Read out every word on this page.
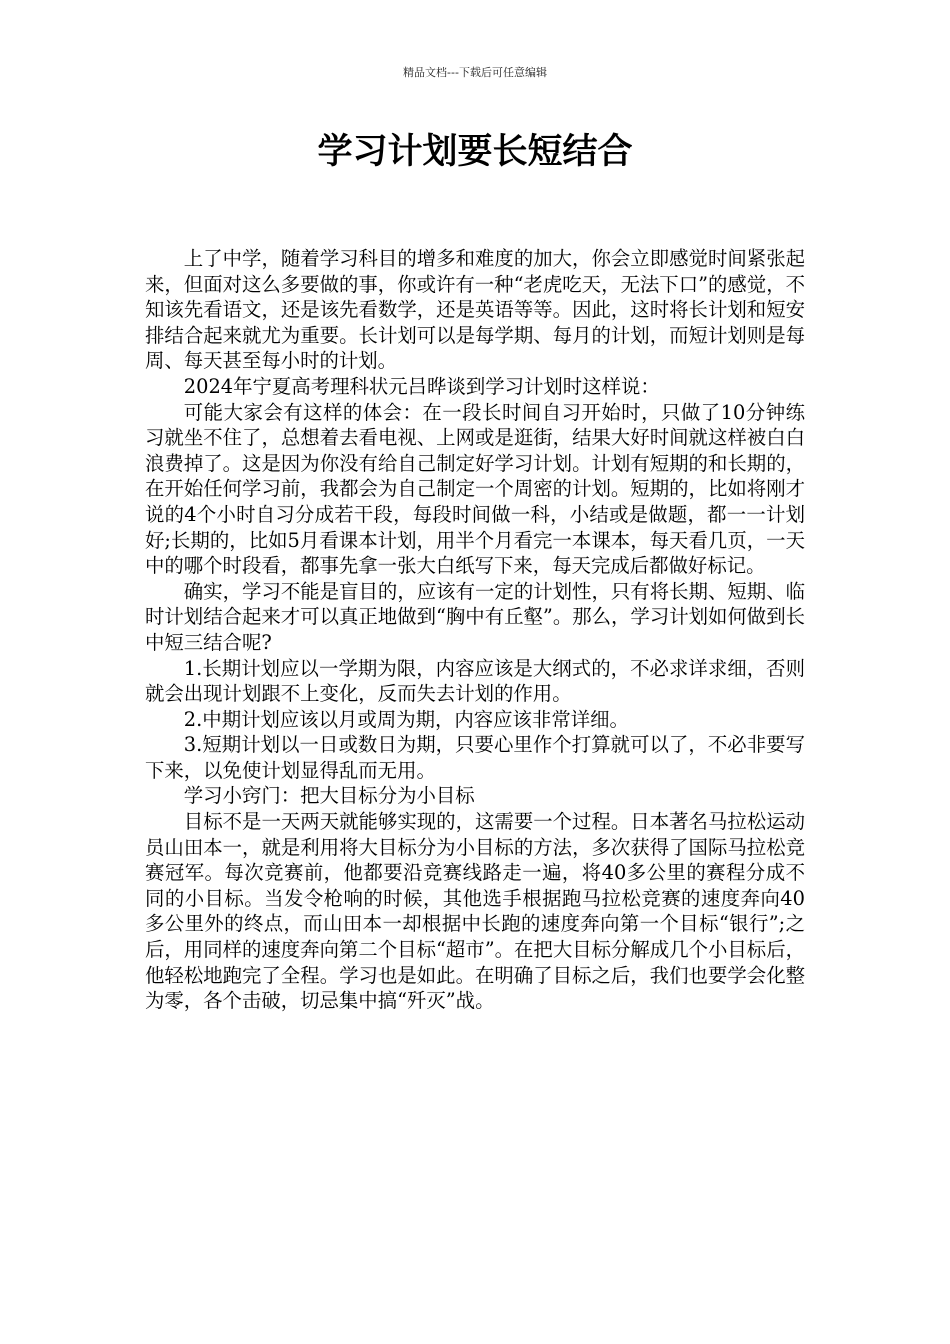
精品文档---下载后可任意编辑
学习计划要长短结合

上了中学，随着学习科目的增多和难度的加大，你会立即感觉时间紧张起来，但面对这么多要做的事，你或许有一种“老虎吃天，无法下口”的感觉，不知该先看语文，还是该先看数学，还是英语等等。因此，这时将长计划和短安排结合起来就尤为重要。长计划可以是每学期、每月的计划，而短计划则是每周、每天甚至每小时的计划。

2024年宁夏高考理科状元吕晔谈到学习计划时这样说：

可能大家会有这样的体会：在一段长时间自习开始时，只做了10分钟练习就坐不住了，总想着去看电视、上网或是逛街，结果大好时间就这样被白白浪费掉了。这是因为你没有给自己制定好学习计划。计划有短期的和长期的，在开始任何学习前，我都会为自己制定一个周密的计划。短期的，比如将刚才说的4个小时自习分成若干段，每段时间做一科，小结或是做题，都一一计划好;长期的，比如5月看课本计划，用半个月看完一本课本，每天看几页，一天中的哪个时段看，都事先拿一张大白纸写下来，每天完成后都做好标记。

确实，学习不能是盲目的，应该有一定的计划性，只有将长期、短期、临时计划结合起来才可以真正地做到“胸中有丘壑”。那么，学习计划如何做到长中短三结合呢?

1.长期计划应以一学期为限，内容应该是大纲式的，不必求详求细，否则就会出现计划跟不上变化，反而失去计划的作用。

2.中期计划应该以月或周为期，内容应该非常详细。

3.短期计划以一日或数日为期，只要心里作个打算就可以了，不必非要写下来，以免使计划显得乱而无用。

学习小窍门：把大目标分为小目标

目标不是一天两天就能够实现的，这需要一个过程。日本著名马拉松运动员山田本一，就是利用将大目标分为小目标的方法，多次获得了国际马拉松竞赛冠军。每次竞赛前，他都要沿竞赛线路走一遍，将40多公里的赛程分成不同的小目标。当发令枪响的时候，其他选手根据跑马拉松竞赛的速度奔向40多公里外的终点，而山田本一却根据中长跑的速度奔向第一个目标“银行”;之后，用同样的速度奔向第二个目标“超市”。在把大目标分解成几个小目标后，他轻松地跑完了全程。学习也是如此。在明确了目标之后，我们也要学会化整为零，各个击破，切忌集中搞“歼灭”战。
